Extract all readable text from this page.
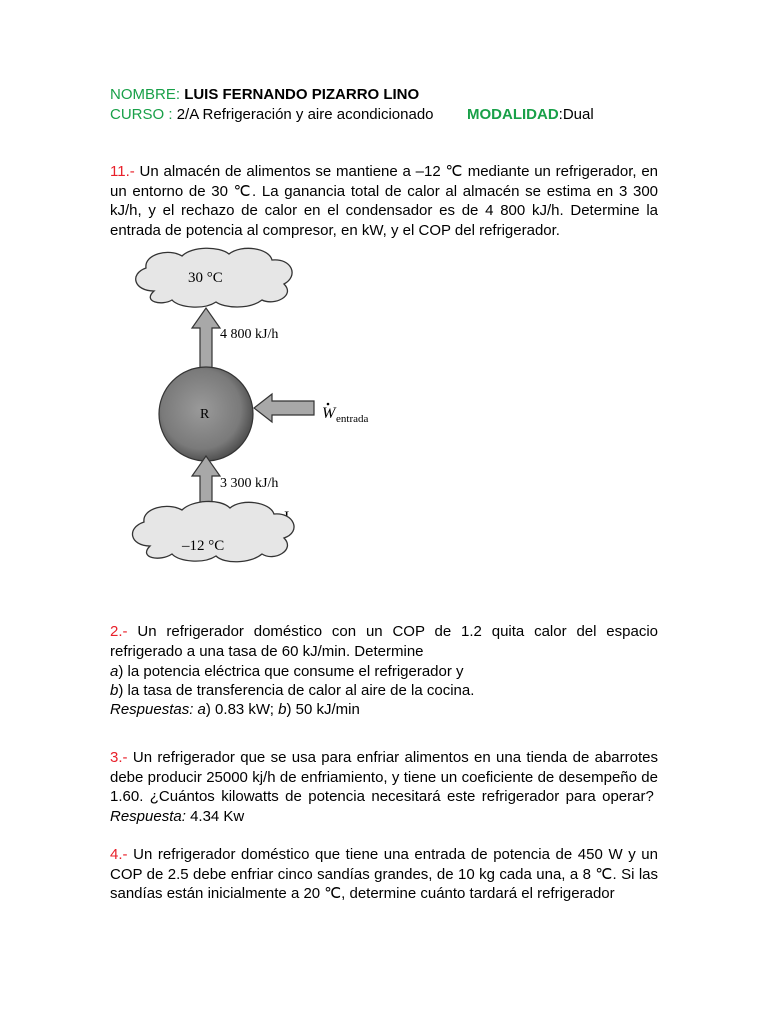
NOMBRE: LUIS FERNANDO PIZARRO LINO
CURSO : 2/A Refrigeración y aire acondicionado MODALIDAD:Dual
11.- Un almacén de alimentos se mantiene a –12 ℃ mediante un refrigerador, en un entorno de 30 ℃. La ganancia total de calor al almacén se estima en 3 300 kJ/h, y el rechazo de calor en el condensador es de 4 800 kJ/h. Determine la entrada de potencia al compresor, en kW, y el COP del refrigerador.
30 °C
4 800 kJ/h
R	W entrada
3 300 kJ/h
–12 °C
2.- Un refrigerador doméstico con un COP de 1.2 quita calor del espacio refrigerado a una tasa de 60 kJ/min. Determine
a) la potencia eléctrica que consume el refrigerador y
b) la tasa de transferencia de calor al aire de la cocina.
Respuestas: a) 0.83 kW; b) 50 kJ/min
3.- Un refrigerador que se usa para enfriar alimentos en una tienda de abarrotes debe producir 25000 kj/h de enfriamiento, y tiene un coeficiente de desempeño de 1.60. ¿Cuántos kilowatts de potencia necesitará este refrigerador para operar?  Respuesta: 4.34 Kw
4.- Un refrigerador doméstico que tiene una entrada de potencia de 450 W y un COP de 2.5 debe enfriar cinco sandías grandes, de 10 kg cada una, a 8 ℃. Si las sandías están inicialmente a 20 ℃, determine cuánto tardará el refrigerador
